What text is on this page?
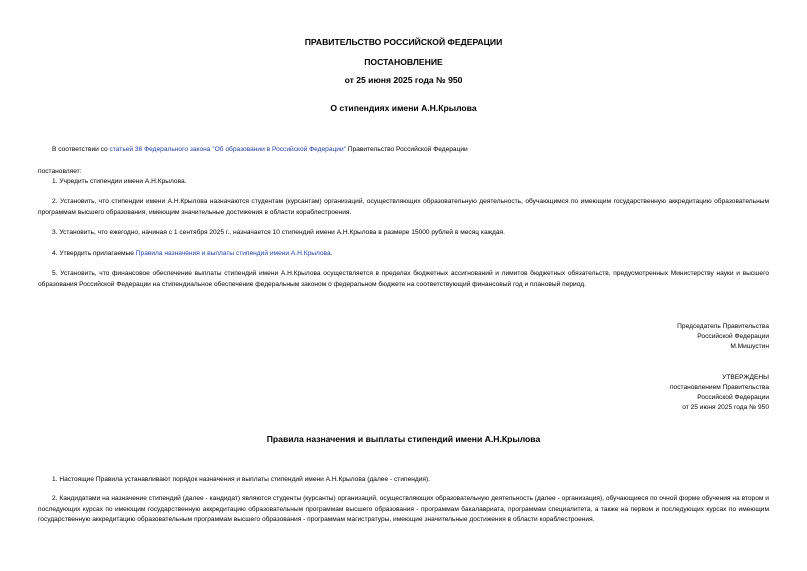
ПРАВИТЕЛЬСТВО РОССИЙСКОЙ ФЕДЕРАЦИИ
ПОСТАНОВЛЕНИЕ
от 25 июня 2025 года № 950
О стипендиях имени А.Н.Крылова
В соответствии со статьей 36 Федерального закона "Об образовании в Российской Федерации" Правительство Российской Федерации
постановляет:
1. Учредить стипендии имени А.Н.Крылова.
2. Установить, что стипендии имени А.Н.Крылова назначаются студентам (курсантам) организаций, осуществляющих образовательную деятельность, обучающимся по имеющим государственную аккредитацию образовательным программам высшего образования, имеющим значительные достижения в области кораблестроения.
3. Установить, что ежегодно, начиная с 1 сентября 2025 г., назначается 10 стипендий имени А.Н.Крылова в размере 15000 рублей в месяц каждая.
4. Утвердить прилагаемые Правила назначения и выплаты стипендий имени А.Н.Крылова.
5. Установить, что финансовое обеспечение выплаты стипендий имени А.Н.Крылова осуществляется в пределах бюджетных ассигнований и лимитов бюджетных обязательств, предусмотренных Министерству науки и высшего образования Российской Федерации на стипендиальное обеспечение федеральным законом о федеральном бюджете на соответствующий финансовый год и плановый период.
Председатель Правительства
Российской Федерации
М.Мишустин
УТВЕРЖДЕНЫ
постановлением Правительства
Российской Федерации
от 25 июня 2025 года № 950
Правила назначения и выплаты стипендий имени А.Н.Крылова
1. Настоящие Правила устанавливают порядок назначения и выплаты стипендий имени А.Н.Крылова (далее - стипендия).
2. Кандидатами на назначение стипендий (далее - кандидат) являются студенты (курсанты) организаций, осуществляющих образовательную деятельность (далее - организация), обучающиеся по очной форме обучения на втором и последующих курсах по имеющим государственную аккредитацию образовательным программам высшего образования - программам бакалавриата, программам специалитета, а также на первом и последующих курсах по имеющим государственную аккредитацию образовательным программам высшего образования - программам магистратуры, имеющие значительные достижения в области кораблестроения.
